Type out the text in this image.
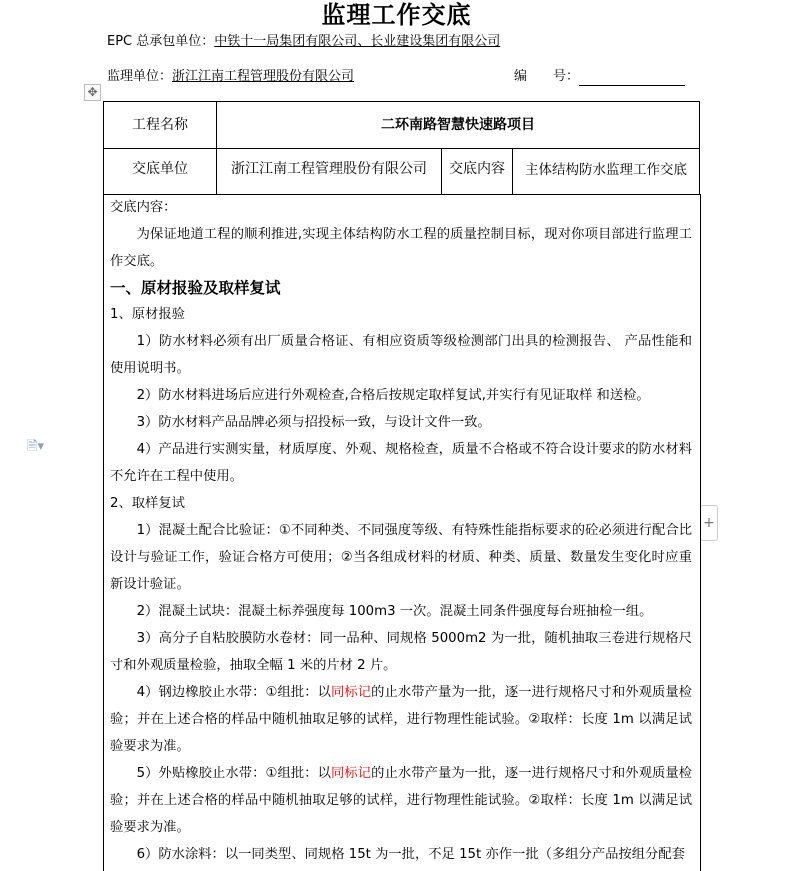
监理工作交底
EPC 总承包单位：中铁十一局集团有限公司、长业建设集团有限公司
监理单位：浙江江南工程管理股份有限公司	编　　号：
✥
🗎▾
+
工程名称	二环南路智慧快速路项目		
交底单位	浙江江南工程管理股份有限公司	交底内容	主体结构防水监理工作交底

交底内容：

为保证地道工程的顺利推进,实现主体结构防水工程的质量控制目标，现对你项目部进行监理工作交底。

一、原材报验及取样复试

1、原材报验

1）防水材料必须有出厂质量合格证、有相应资质等级检测部门出具的检测报告、 产品性能和使用说明书。

2）防水材料进场后应进行外观检查,合格后按规定取样复试,并实行有见证取样 和送检。

3）防水材料产品品牌必须与招投标一致，与设计文件一致。

4）产品进行实测实量，材质厚度、外观、规格检查，质量不合格或不符合设计要求的防水材料不允许在工程中使用。

2、取样复试

1）混凝土配合比验证：①不同种类、不同强度等级、有特殊性能指标要求的砼必须进行配合比设计与验证工作，验证合格方可使用；②当各组成材料的材质、种类、质量、数量发生变化时应重新设计验证。

2）混凝土试块：混凝土标养强度每 100m3 一次。混凝土同条件强度每台班抽检一组。

3）高分子自粘胶膜防水卷材：同一品种、同规格 5000m2 为一批，随机抽取三卷进行规格尺寸和外观质量检验，抽取全幅 1 米的片材 2 片。

4）钢边橡胶止水带：①组批：以同标记的止水带产量为一批，逐一进行规格尺寸和外观质量检验；并在上述合格的样品中随机抽取足够的试样，进行物理性能试验。②取样：长度 1m 以满足试验要求为准。

5）外贴橡胶止水带：①组批：以同标记的止水带产量为一批，逐一进行规格尺寸和外观质量检验；并在上述合格的样品中随机抽取足够的试样，进行物理性能试验。②取样：长度 1m 以满足试验要求为准。

6）防水涂料：以一同类型、同规格 15t 为一批，不足 15t 亦作一批（多组分产品按组分配套
